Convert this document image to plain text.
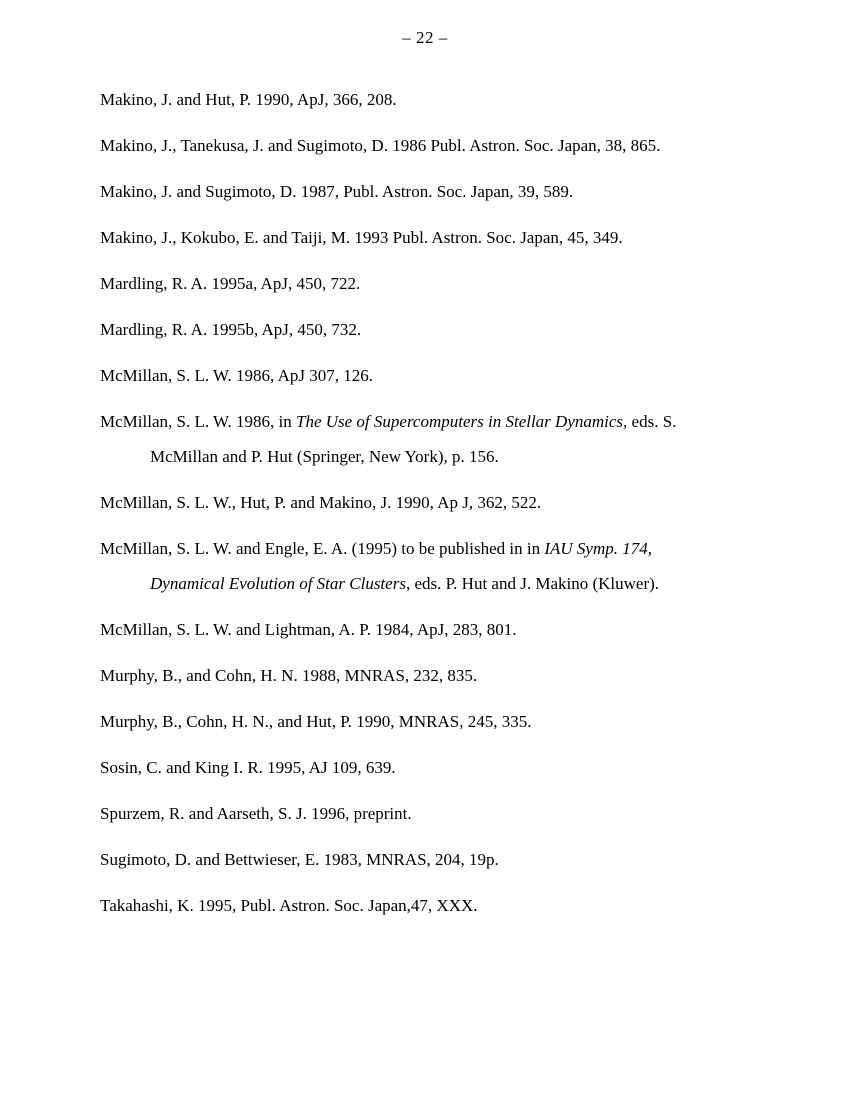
– 22 –

Makino, J. and Hut, P. 1990, ApJ, 366, 208.

Makino, J., Tanekusa, J. and Sugimoto, D. 1986 Publ. Astron. Soc. Japan, 38, 865.

Makino, J. and Sugimoto, D. 1987, Publ. Astron. Soc. Japan, 39, 589.

Makino, J., Kokubo, E. and Taiji, M. 1993 Publ. Astron. Soc. Japan, 45, 349.

Mardling, R. A. 1995a, ApJ, 450, 722.

Mardling, R. A. 1995b, ApJ, 450, 732.

McMillan, S. L. W. 1986, ApJ 307, 126.

McMillan, S. L. W. 1986, in The Use of Supercomputers in Stellar Dynamics, eds. S.
McMillan and P. Hut (Springer, New York), p. 156.

McMillan, S. L. W., Hut, P. and Makino, J. 1990, Ap J, 362, 522.

McMillan, S. L. W. and Engle, E. A. (1995) to be published in in IAU Symp. 174,
Dynamical Evolution of Star Clusters, eds. P. Hut and J. Makino (Kluwer).

McMillan, S. L. W. and Lightman, A. P. 1984, ApJ, 283, 801.

Murphy, B., and Cohn, H. N. 1988, MNRAS, 232, 835.

Murphy, B., Cohn, H. N., and Hut, P. 1990, MNRAS, 245, 335.

Sosin, C. and King I. R. 1995, AJ 109, 639.

Spurzem, R. and Aarseth, S. J. 1996, preprint.

Sugimoto, D. and Bettwieser, E. 1983, MNRAS, 204, 19p.

Takahashi, K. 1995, Publ. Astron. Soc. Japan,47, XXX.
